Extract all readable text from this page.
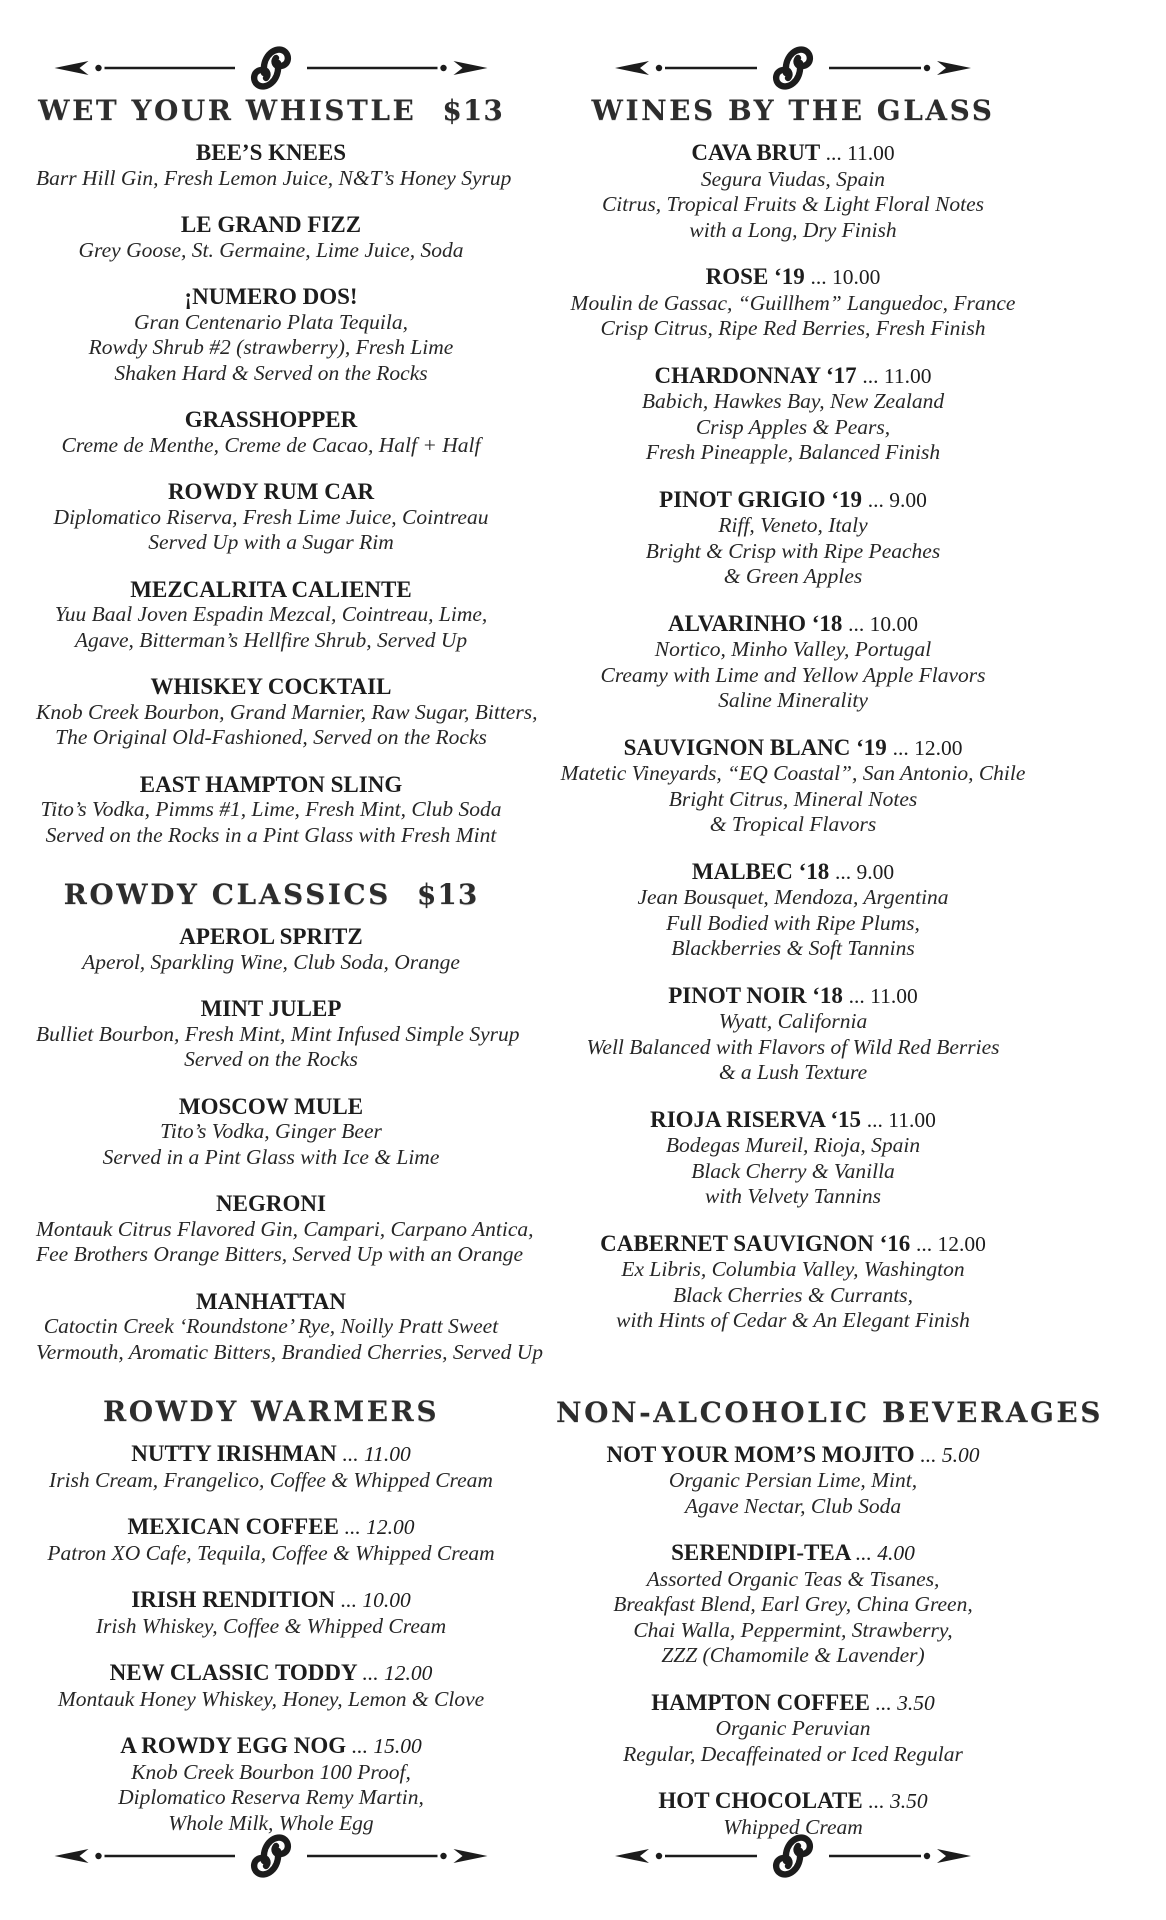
WET YOUR WHISTLE $13
BEE’S KNEES
Barr Hill Gin, Fresh Lemon Juice, N&T’s Honey Syrup
LE GRAND FIZZ
Grey Goose, St. Germaine, Lime Juice, Soda
¡NUMERO DOS!
Gran Centenario Plata Tequila,
Rowdy Shrub #2 (strawberry), Fresh Lime
Shaken Hard & Served on the Rocks
GRASSHOPPER
Creme de Menthe, Creme de Cacao, Half + Half
ROWDY RUM CAR
Diplomatico Riserva, Fresh Lime Juice, Cointreau
Served Up with a Sugar Rim
MEZCALRITA CALIENTE
Yuu Baal Joven Espadin Mezcal, Cointreau, Lime,
Agave, Bitterman’s Hellfire Shrub, Served Up
WHISKEY COCKTAIL
Knob Creek Bourbon, Grand Marnier, Raw Sugar, Bitters,
The Original Old-Fashioned, Served on the Rocks
EAST HAMPTON SLING
Tito’s Vodka, Pimms #1, Lime, Fresh Mint, Club Soda
Served on the Rocks in a Pint Glass with Fresh Mint
ROWDY CLASSICS $13
APEROL SPRITZ
Aperol, Sparkling Wine, Club Soda, Orange
MINT JULEP
Bulliet Bourbon, Fresh Mint, Mint Infused Simple Syrup
Served on the Rocks
MOSCOW MULE
Tito’s Vodka, Ginger Beer
Served in a Pint Glass with Ice & Lime
NEGRONI
Montauk Citrus Flavored Gin, Campari, Carpano Antica,
Fee Brothers Orange Bitters, Served Up with an Orange
MANHATTAN
Catoctin Creek ‘Roundstone’ Rye, Noilly Pratt Sweet
Vermouth, Aromatic Bitters, Brandied Cherries, Served Up
ROWDY WARMERS
NUTTY IRISHMAN ... 11.00
Irish Cream, Frangelico, Coffee & Whipped Cream
MEXICAN COFFEE ... 12.00
Patron XO Cafe, Tequila, Coffee & Whipped Cream
IRISH RENDITION ... 10.00
Irish Whiskey, Coffee & Whipped Cream
NEW CLASSIC TODDY ... 12.00
Montauk Honey Whiskey, Honey, Lemon & Clove
A ROWDY EGG NOG ... 15.00
Knob Creek Bourbon 100 Proof,
Diplomatico Reserva Remy Martin,
Whole Milk, Whole Egg
WINES BY THE GLASS
CAVA BRUT ... 11.00
Segura Viudas, Spain
Citrus, Tropical Fruits & Light Floral Notes
with a Long, Dry Finish
ROSE ‘19 ... 10.00
Moulin de Gassac, “Guillhem” Languedoc, France
Crisp Citrus, Ripe Red Berries, Fresh Finish
CHARDONNAY ‘17 ... 11.00
Babich, Hawkes Bay, New Zealand
Crisp Apples & Pears,
Fresh Pineapple, Balanced Finish
PINOT GRIGIO ‘19 ... 9.00
Riff, Veneto, Italy
Bright & Crisp with Ripe Peaches
& Green Apples
ALVARINHO ‘18 ... 10.00
Nortico, Minho Valley, Portugal
Creamy with Lime and Yellow Apple Flavors
Saline Minerality
SAUVIGNON BLANC ‘19 ... 12.00
Matetic Vineyards, “EQ Coastal”, San Antonio, Chile
Bright Citrus, Mineral Notes
& Tropical Flavors
MALBEC ‘18 ... 9.00
Jean Bousquet, Mendoza, Argentina
Full Bodied with Ripe Plums,
Blackberries & Soft Tannins
PINOT NOIR ‘18 ... 11.00
Wyatt, California
Well Balanced with Flavors of Wild Red Berries
& a Lush Texture
RIOJA RISERVA ‘15 ... 11.00
Bodegas Mureil, Rioja, Spain
Black Cherry & Vanilla
with Velvety Tannins
CABERNET SAUVIGNON ‘16 ... 12.00
Ex Libris, Columbia Valley, Washington
Black Cherries & Currants,
with Hints of Cedar & An Elegant Finish
NON-ALCOHOLIC BEVERAGES
NOT YOUR MOM’S MOJITO ... 5.00
Organic Persian Lime, Mint,
Agave Nectar, Club Soda
SERENDIPI-TEA ... 4.00
Assorted Organic Teas & Tisanes,
Breakfast Blend, Earl Grey, China Green,
Chai Walla, Peppermint, Strawberry,
ZZZ (Chamomile & Lavender)
HAMPTON COFFEE ... 3.50
Organic Peruvian
Regular, Decaffeinated or Iced Regular
HOT CHOCOLATE ... 3.50
Whipped Cream
